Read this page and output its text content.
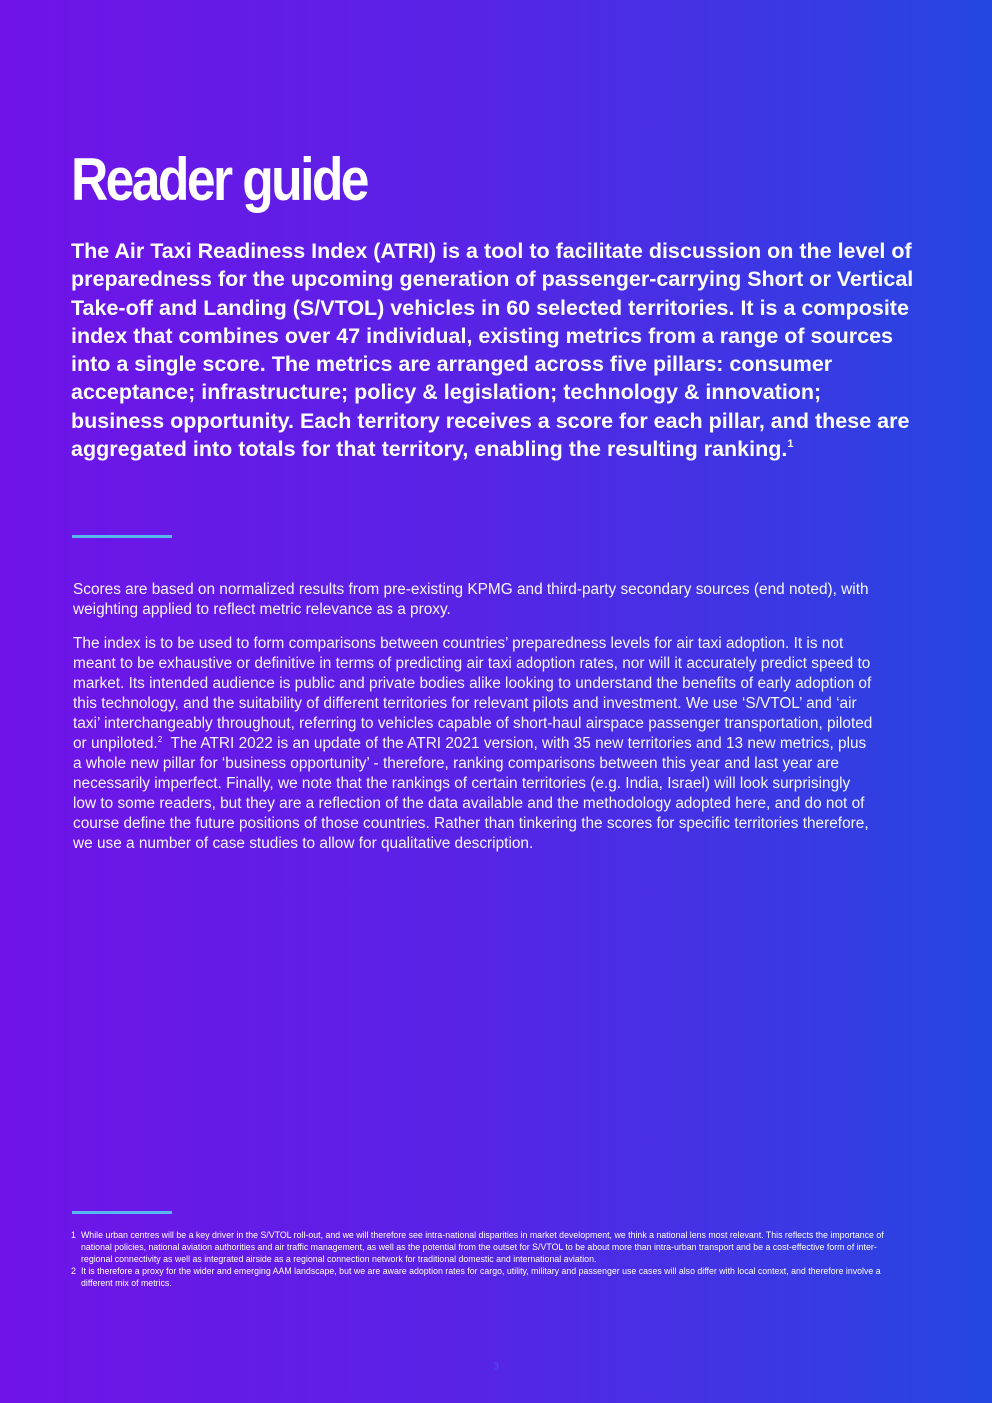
Reader guide

The Air Taxi Readiness Index (ATRI) is a tool to facilitate discussion on the level of preparedness for the upcoming generation of passenger-carrying Short or Vertical Take-off and Landing (S/VTOL) vehicles in 60 selected territories. It is a composite index that combines over 47 individual, existing metrics from a range of sources into a single score. The metrics are arranged across five pillars: consumer acceptance; infrastructure; policy & legislation; technology & innovation; business opportunity. Each territory receives a score for each pillar, and these are aggregated into totals for that territory, enabling the resulting ranking.$^1$

Scores are based on normalized results from pre-existing KPMG and third-party secondary sources (end noted), with weighting applied to reflect metric relevance as a proxy.

The index is to be used to form comparisons between countries’ preparedness levels for air taxi adoption. It is not meant to be exhaustive or definitive in terms of predicting air taxi adoption rates, nor will it accurately predict speed to market. Its intended audience is public and private bodies alike looking to understand the benefits of early adoption of this technology, and the suitability of different territories for relevant pilots and investment. We use ‘S/VTOL’ and ‘air taxi’ interchangeably throughout, referring to vehicles capable of short-haul airspace passenger transportation, piloted or unpiloted.$^2$  The ATRI 2022 is an update of the ATRI 2021 version, with 35 new territories and 13 new metrics, plus a whole new pillar for ‘business opportunity’ - therefore, ranking comparisons between this year and last year are necessarily imperfect. Finally, we note that the rankings of certain territories (e.g. India, Israel) will look surprisingly low to some readers, but they are a reflection of the data available and the methodology adopted here, and do not of course define the future positions of those countries. Rather than tinkering the scores for specific territories therefore, we use a number of case studies to allow for qualitative description.

1 While urban centres will be a key driver in the S/VTOL roll-out, and we will therefore see intra-national disparities in market development, we think a national lens most relevant. This reflects the importance of national policies, national aviation authorities and air traffic management, as well as the potential from the outset for S/VTOL to be about more than intra-urban transport and be a cost-effective form of inter-regional connectivity as well as integrated airside as a regional connection network for traditional domestic and international aviation.
2 It is therefore a proxy for the wider and emerging AAM landscape, but we are aware adoption rates for cargo, utility, military and passenger use cases will also differ with local context, and therefore involve a different mix of metrics.
3
